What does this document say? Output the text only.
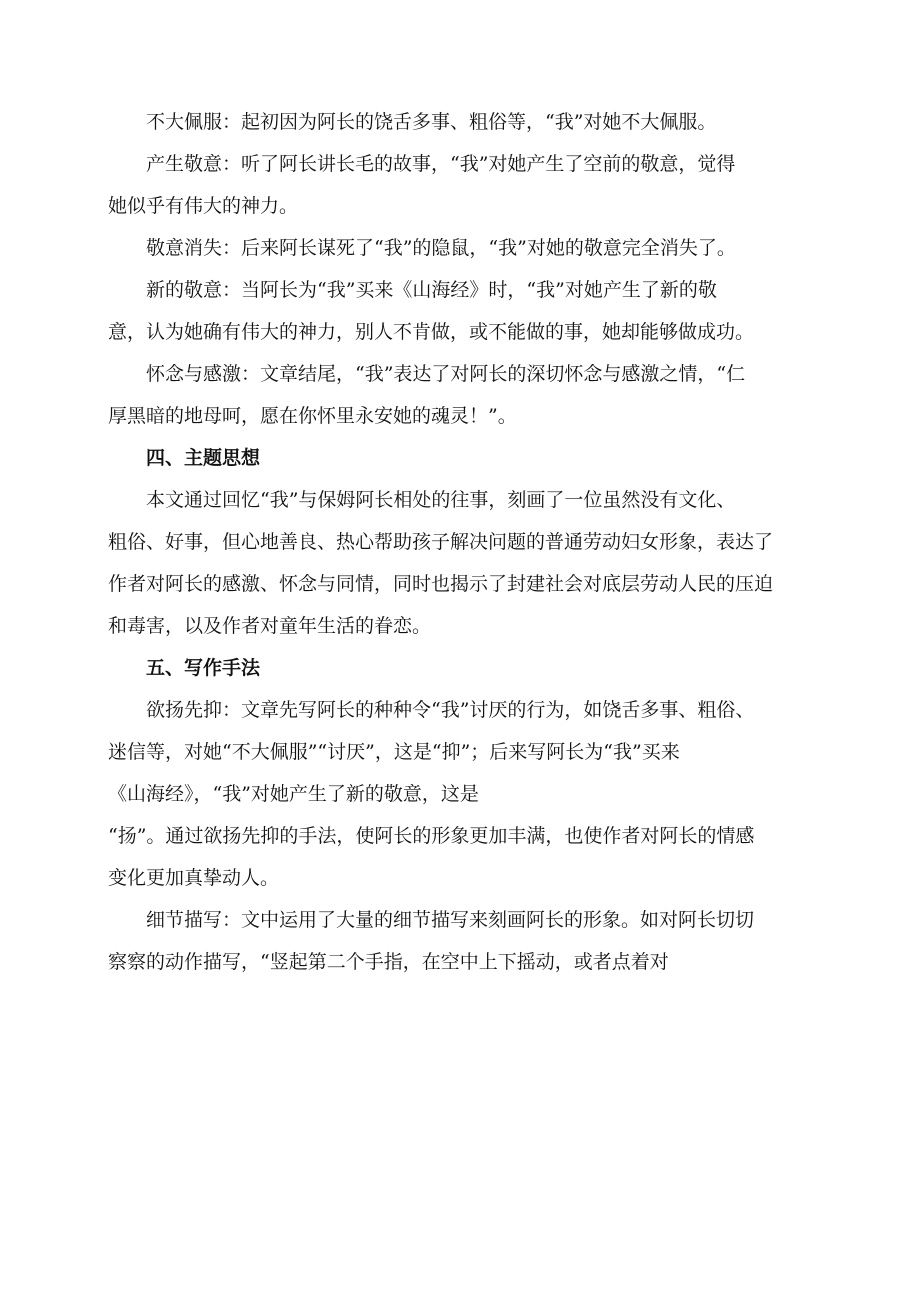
不大佩服：起初因为阿长的饶舌多事、粗俗等，“我”对她不大佩服。

产生敬意：听了阿长讲长毛的故事，“我”对她产生了空前的敬意，觉得
她似乎有伟大的神力。

敬意消失：后来阿长谋死了“我”的隐鼠，“我”对她的敬意完全消失了。

新的敬意：当阿长为“我”买来《山海经》时，“我”对她产生了新的敬
意，认为她确有伟大的神力，别人不肯做，或不能做的事，她却能够做成功。

怀念与感激：文章结尾，“我”表达了对阿长的深切怀念与感激之情，“仁
厚黑暗的地母呵，愿在你怀里永安她的魂灵！”。

四、主题思想

本文通过回忆“我”与保姆阿长相处的往事，刻画了一位虽然没有文化、
粗俗、好事，但心地善良、热心帮助孩子解决问题的普通劳动妇女形象，表达了
作者对阿长的感激、怀念与同情，同时也揭示了封建社会对底层劳动人民的压迫
和毒害，以及作者对童年生活的眷恋。

五、写作手法

欲扬先抑：文章先写阿长的种种令“我”讨厌的行为，如饶舌多事、粗俗、
迷信等，对她“不大佩服”“讨厌”，这是“抑”；后来写阿长为“我”买来
《山海经》，“我”对她产生了新的敬意，这是
“扬”。通过欲扬先抑的手法，使阿长的形象更加丰满，也使作者对阿长的情感
变化更加真挚动人。

细节描写：文中运用了大量的细节描写来刻画阿长的形象。如对阿长切切
察察的动作描写，“竖起第二个手指，在空中上下摇动，或者点着对
